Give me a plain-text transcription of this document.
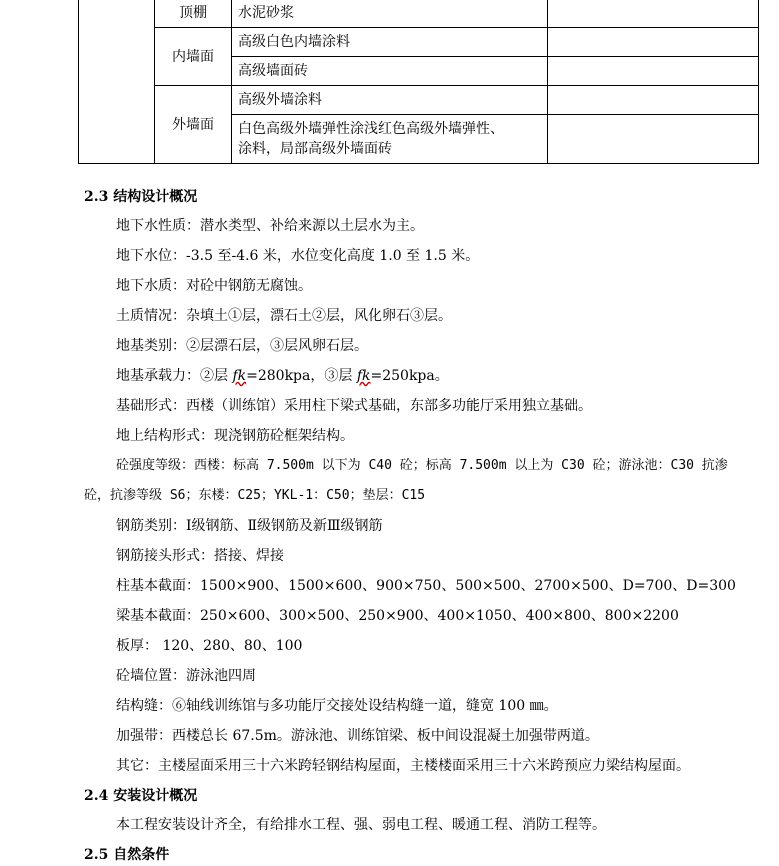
	顶棚	水泥砂浆	
	内墙面	高级白色内墙涂料	
		高级墙面砖	
	外墙面	高级外墙涂料	

		白色高级外墙弹性涂浅红色高级外墙弹性、
涂料，局部高级外墙面砖	

2.3 结构设计概况
地下水性质：潜水类型、补给来源以土层水为主。
地下水位：-3.5 至-4.6 米，水位变化高度 1.0 至 1.5 米。
地下水质：对砼中钢筋无腐蚀。
土质情况：杂填土①层，漂石土②层，风化卵石③层。
地基类别：②层漂石层，③层风卵石层。
地基承载力：②层 fk=280kpa，③层 fk=250kpa。
基础形式：西楼（训练馆）采用柱下梁式基础，东部多功能厅采用独立基础。
地上结构形式：现浇钢筋砼框架结构。
砼强度等级：西楼：标高 7.500m 以下为 C40 砼；标高 7.500m 以上为 C30 砼；游泳池：C30 抗渗
砼，抗渗等级 S6；东楼：C25；YKL-1：C50；垫层：C15
钢筋类别：Ⅰ级钢筋、Ⅱ级钢筋及新Ⅲ级钢筋
钢筋接头形式：搭接、焊接
柱基本截面：1500×900、1500×600、900×750、500×500、2700×500、D=700、D=300
梁基本截面：250×600、300×500、250×900、400×1050、400×800、800×2200
板厚： 120、280、80、100
砼墙位置：游泳池四周
结构缝：⑥轴线训练馆与多功能厅交接处设结构缝一道，缝宽 100 ㎜。
加强带：西楼总长 67.5m。游泳池、训练馆梁、板中间设混凝土加强带两道。
其它：主楼屋面采用三十六米跨轻钢结构屋面，主楼楼面采用三十六米跨预应力梁结构屋面。
2.4 安装设计概况
本工程安装设计齐全，有给排水工程、强、弱电工程、暖通工程、消防工程等。
2.5 自然条件
